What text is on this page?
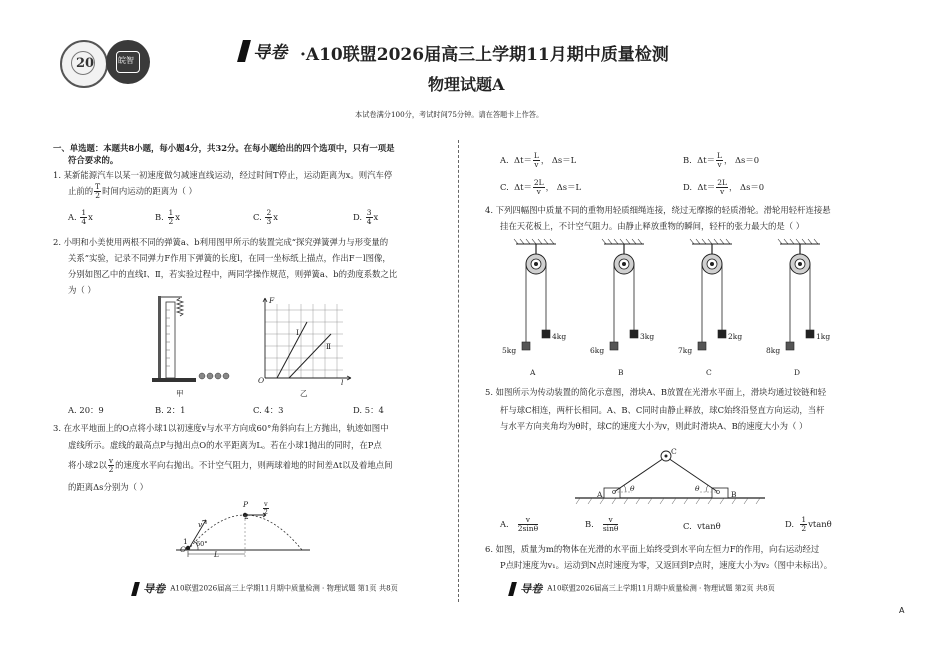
20	皖智	导卷 ·A10联盟2026届高三上学期11月期中质量检测
物理试题A
本试卷满分100分，考试时间75分钟。请在答题卡上作答。
一、单选题：本题共8小题，每小题4分，共32分。在每小题给出的四个选项中，只有一项是
符合要求的。
1. 某新能源汽车以某一初速度做匀减速直线运动，经过时间T停止，运动距离为x。则汽车停
止前的 $\frac{T}{2}$ 时间内运动的距离为（ ）
A. $\frac{1}{4}$ x	B. $\frac{1}{2}$ x	C. $\frac{2}{3}$ x	D. $\frac{3}{4}$ x
2. 小明和小美使用两根不同的弹簧a、b利用图甲所示的装置完成“探究弹簧弹力与形变量的
关系”实验，记录不同弹力F作用下弹簧的长度l，在同一坐标纸上描点，作出F－l图像，
分别如图乙中的直线Ⅰ、Ⅱ，若实验过程中，两同学操作规范，则弹簧a、b的劲度系数之比
为（ ）
甲
F
l
O
Ⅰ
Ⅱ
乙
A. 20：9	B. 2：1	C. 4：3	D. 5：4
3. 在水平地面上的O点将小球1以初速度v与水平方向成60°角斜向右上方抛出，轨迹如图中
虚线所示。虚线的最高点P与抛出点O的水平距离为L。若在小球1抛出的同时，在P点
将小球2以 $\frac{v}{2}$ 的速度水平向右抛出。不计空气阻力，则两球着地的时间差Δt以及着地点间
的距离Δs分别为（ ）
P
2
$\frac{v}{2}$
v
1
O
60°
L
导卷 A10联盟2026届高三上学期11月期中质量检测 · 物理试题 第1页 共8页
A. $\Delta t= \frac{L}{v}$ ， Δs＝L	B. $\Delta t= \frac{L}{v}$ ， Δs＝0
C. $\Delta t= \frac{2L}{v}$ ， Δs＝L	D. $\Delta t= \frac{2L}{v}$ ， Δs＝0
4. 下列四幅图中质量不同的重物用轻质细绳连接，绕过无摩擦的轻质滑轮。滑轮用轻杆连接悬
挂在天花板上，不计空气阻力。由静止释放重物的瞬间，轻杆的张力最大的是（ ）
5kg
4kg
A
6kg
3kg
B
7kg
2kg
C
8kg
1kg
D
5. 如图所示为传动装置的简化示意图，滑块A、B放置在光滑水平面上，滑块均通过铰链和轻
杆与球C相连，两杆长相同。A、B、C同时由静止释放，球C始终沿竖直方向运动，当杆
与水平方向夹角均为θ时，球C的速度大小为v，则此时滑块A、B的速度大小为（ ）
C
A	B
θ	θ
A. $\frac{v}{2\sin\theta}$	B. $\frac{v}{\sin\theta}$	C. vtanθ	D. $\frac{1}{2}$ vtanθ
6. 如图，质量为m的物体在光滑的水平面上始终受到水平向左恒力F的作用，向右运动经过
P点时速度为v₁。运动到N点时速度为零，又返回到P点时，速度大小为v₂（图中未标出）。
导卷 A10联盟2026届高三上学期11月期中质量检测 · 物理试题 第2页 共8页
A
